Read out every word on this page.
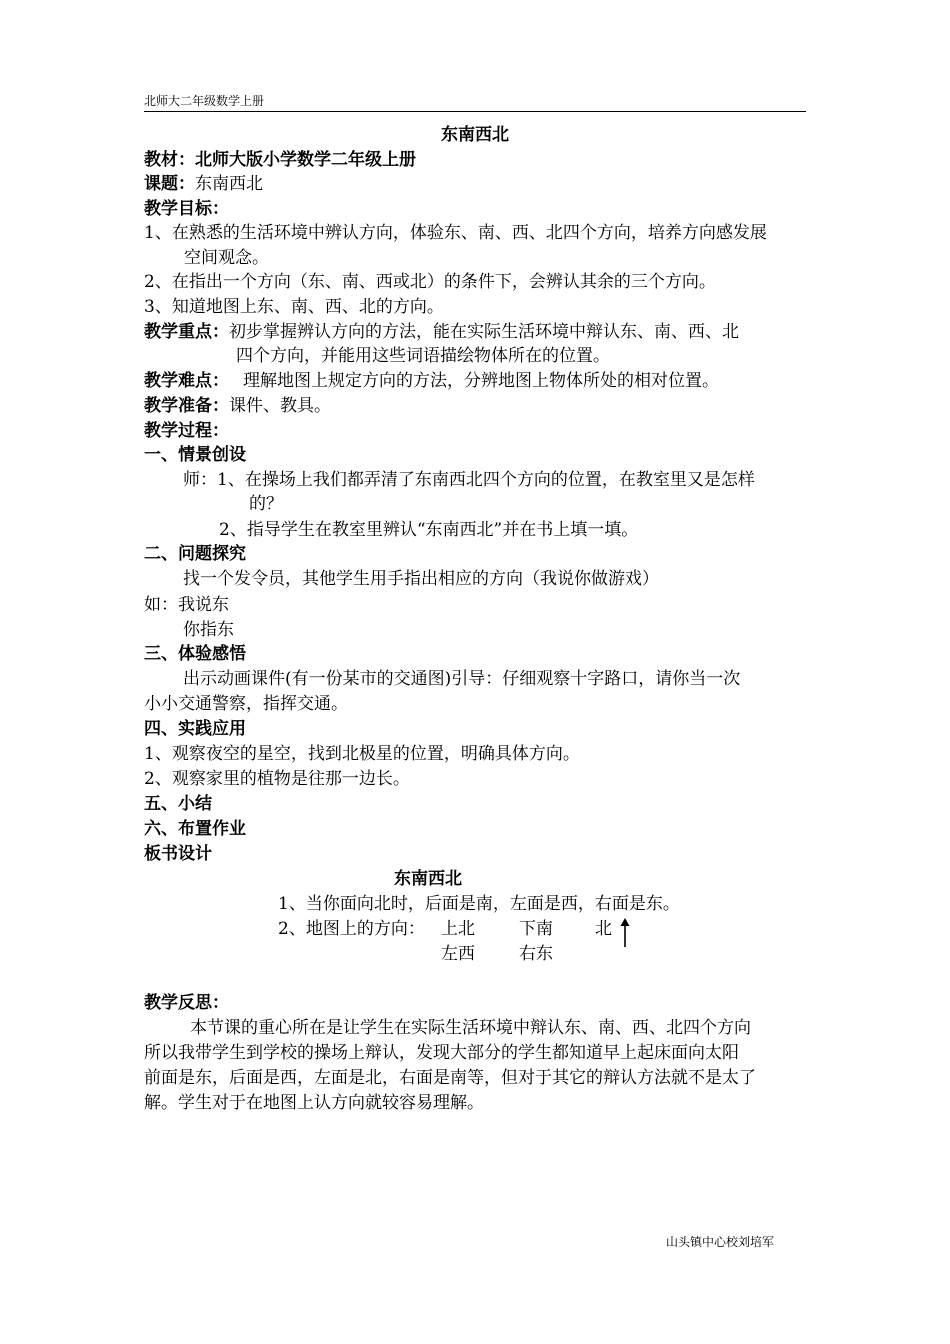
北师大二年级数学上册
东南西北
教材：北师大版小学数学二年级上册
课题：东南西北
教学目标：
1、在熟悉的生活环境中辨认方向，体验东、南、西、北四个方向，培养方向感发展
空间观念。
2、在指出一个方向（东、南、西或北）的条件下，会辨认其余的三个方向。
3、知道地图上东、南、西、北的方向。
教学重点：初步掌握辨认方向的方法，能在实际生活环境中辩认东、南、西、北
四个方向，并能用这些词语描绘物体所在的位置。
教学难点： 理解地图上规定方向的方法，分辨地图上物体所处的相对位置。
教学准备：课件、教具。
教学过程：
一、情景创设
师：1、在操场上我们都弄清了东南西北四个方向的位置，在教室里又是怎样
的？
2、指导学生在教室里辨认“东南西北”并在书上填一填。
二、问题探究
找一个发令员，其他学生用手指出相应的方向（我说你做游戏）
如：我说东
你指东
三、体验感悟
出示动画课件(有一份某市的交通图)引导：仔细观察十字路口，请你当一次
小小交通警察，指挥交通。
四、实践应用
1、观察夜空的星空，找到北极星的位置，明确具体方向。
2、观察家里的植物是往那一边长。
五、小结
六、布置作业
板书设计
东南西北
1、当你面向北时，后面是南，左面是西，右面是东。
2、地图上的方向： 上北	下南 北
左西	右东
教学反思：
本节课的重心所在是让学生在实际生活环境中辩认东、南、西、北四个方向
所以我带学生到学校的操场上辩认，发现大部分的学生都知道早上起床面向太阳
前面是东，后面是西，左面是北，右面是南等，但对于其它的辩认方法就不是太了
解。学生对于在地图上认方向就较容易理解。
山头镇中心校刘培军
